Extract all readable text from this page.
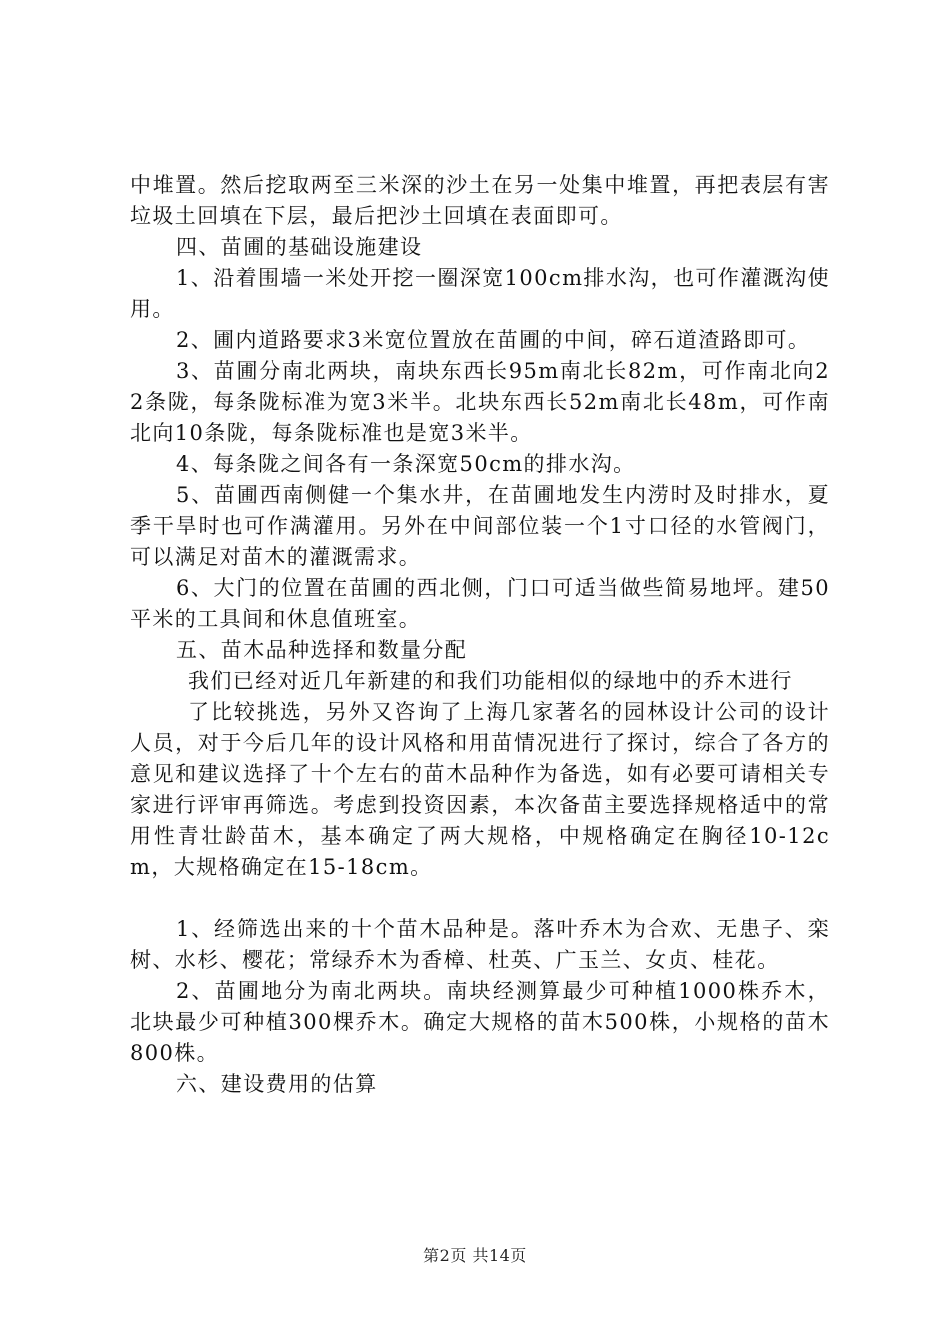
中堆置。然后挖取两至三米深的沙土在另一处集中堆置，再把表层有害垃圾土回填在下层，最后把沙土回填在表面即可。

四、苗圃的基础设施建设

1、沿着围墙一米处开挖一圈深宽100cm排水沟，也可作灌溉沟使用。

2、圃内道路要求3米宽位置放在苗圃的中间，碎石道渣路即可。

3、苗圃分南北两块，南块东西长95m南北长82m，可作南北向22条陇，每条陇标准为宽3米半。北块东西长52m南北长48m，可作南北向10条陇，每条陇标准也是宽3米半。

4、每条陇之间各有一条深宽50cm的排水沟。

5、苗圃西南侧健一个集水井，在苗圃地发生内涝时及时排水，夏季干旱时也可作满灌用。另外在中间部位装一个1寸口径的水管阀门，可以满足对苗木的灌溉需求。

6、大门的位置在苗圃的西北侧，门口可适当做些简易地坪。建50平米的工具间和休息值班室。

五、苗木品种选择和数量分配

我们已经对近几年新建的和我们功能相似的绿地中的乔木进行

了比较挑选，另外又咨询了上海几家著名的园林设计公司的设计人员，对于今后几年的设计风格和用苗情况进行了探讨，综合了各方的意见和建议选择了十个左右的苗木品种作为备选，如有必要可请相关专家进行评审再筛选。考虑到投资因素，本次备苗主要选择规格适中的常用性青壮龄苗木，基本确定了两大规格，中规格确定在胸径10-12cm，大规格确定在15-18cm。

1、经筛选出来的十个苗木品种是。落叶乔木为合欢、无患子、栾树、水杉、樱花；常绿乔木为香樟、杜英、广玉兰、女贞、桂花。

2、苗圃地分为南北两块。南块经测算最少可种植1000株乔木，北块最少可种植300棵乔木。确定大规格的苗木500株，小规格的苗木800株。

六、建设费用的估算

第2页 共14页
